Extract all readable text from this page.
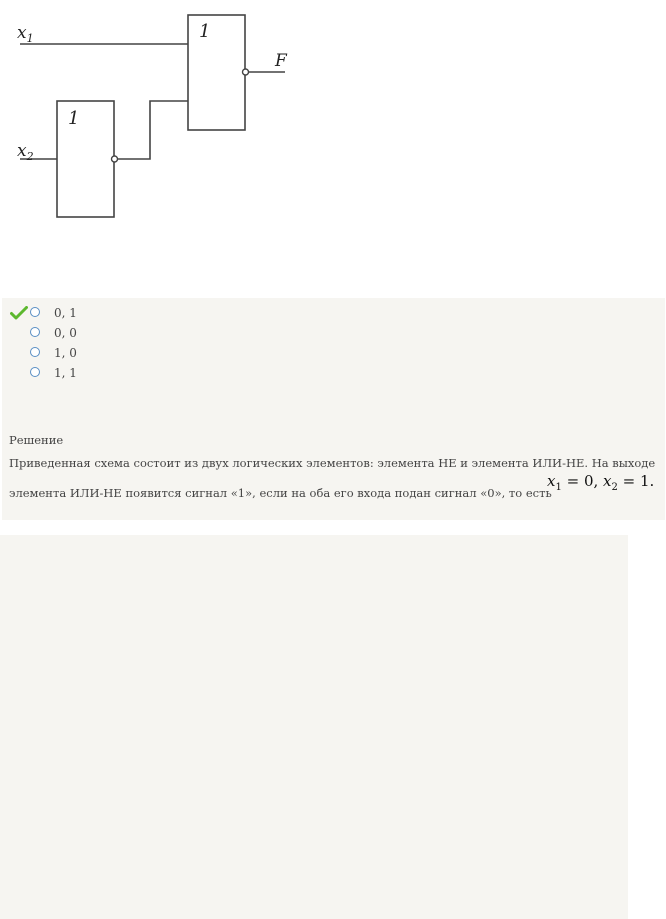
$x_1$
$x_2$
1
1
F
0, 1
0, 0
1, 0
1, 1
Решение
Приведенная схема состоит из двух логических элементов: элемента НЕ и элемента ИЛИ-НЕ. На выходе
элемента ИЛИ-НЕ появится сигнал «1», если на оба его входа подан сигнал «0», то есть
$x_1 = 0$, $x_2 = 1$.
